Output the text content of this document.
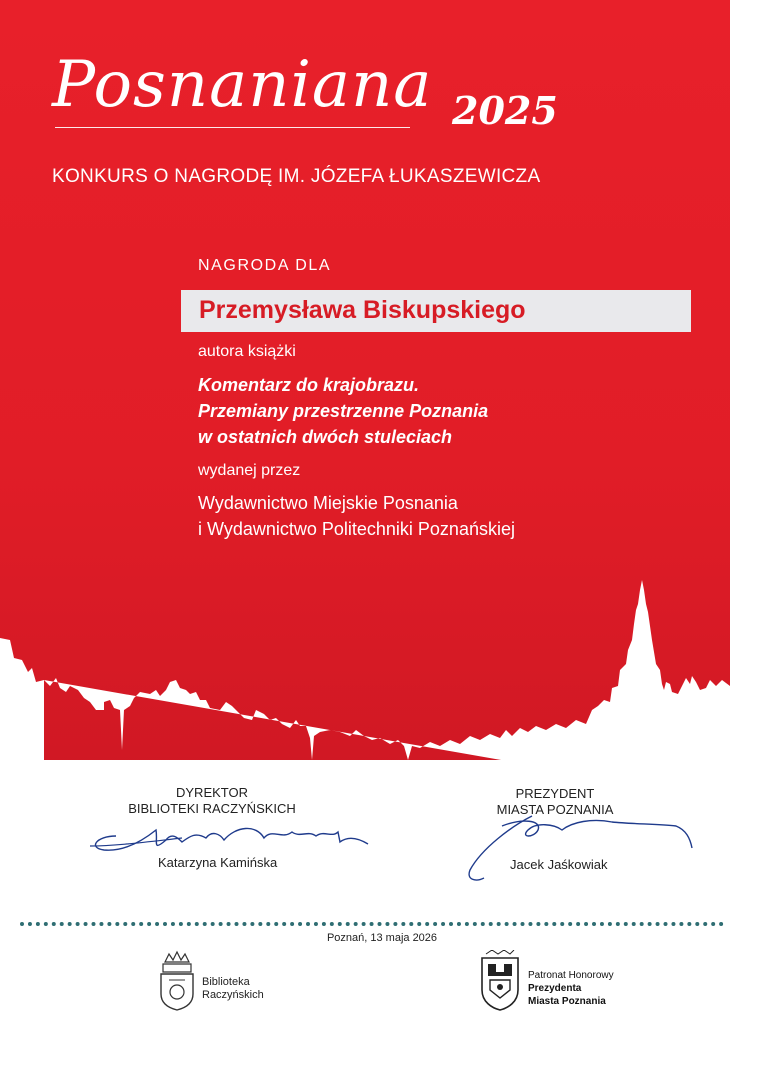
Posnaniana 2025
KONKURS O NAGRODĘ IM. JÓZEFA ŁUKASZEWICZA
NAGRODA DLA
Przemysława Biskupskiego
autora książki
Komentarz do krajobrazu.
Przemiany przestrzenne Poznania
w ostatnich dwóch stuleciach
wydanej przez
Wydawnictwo Miejskie Posnania
i Wydawnictwo Politechniki Poznańskiej
DYREKTOR
BIBLIOTEKI RACZYŃSKICH
Katarzyna Kamińska
PREZYDENT
MIASTA POZNANIA
Jacek Jaśkowiak
Poznań, 13 maja 2026
Biblioteka
Raczyńskich
Patronat Honorowy
Prezydenta
Miasta Poznania
